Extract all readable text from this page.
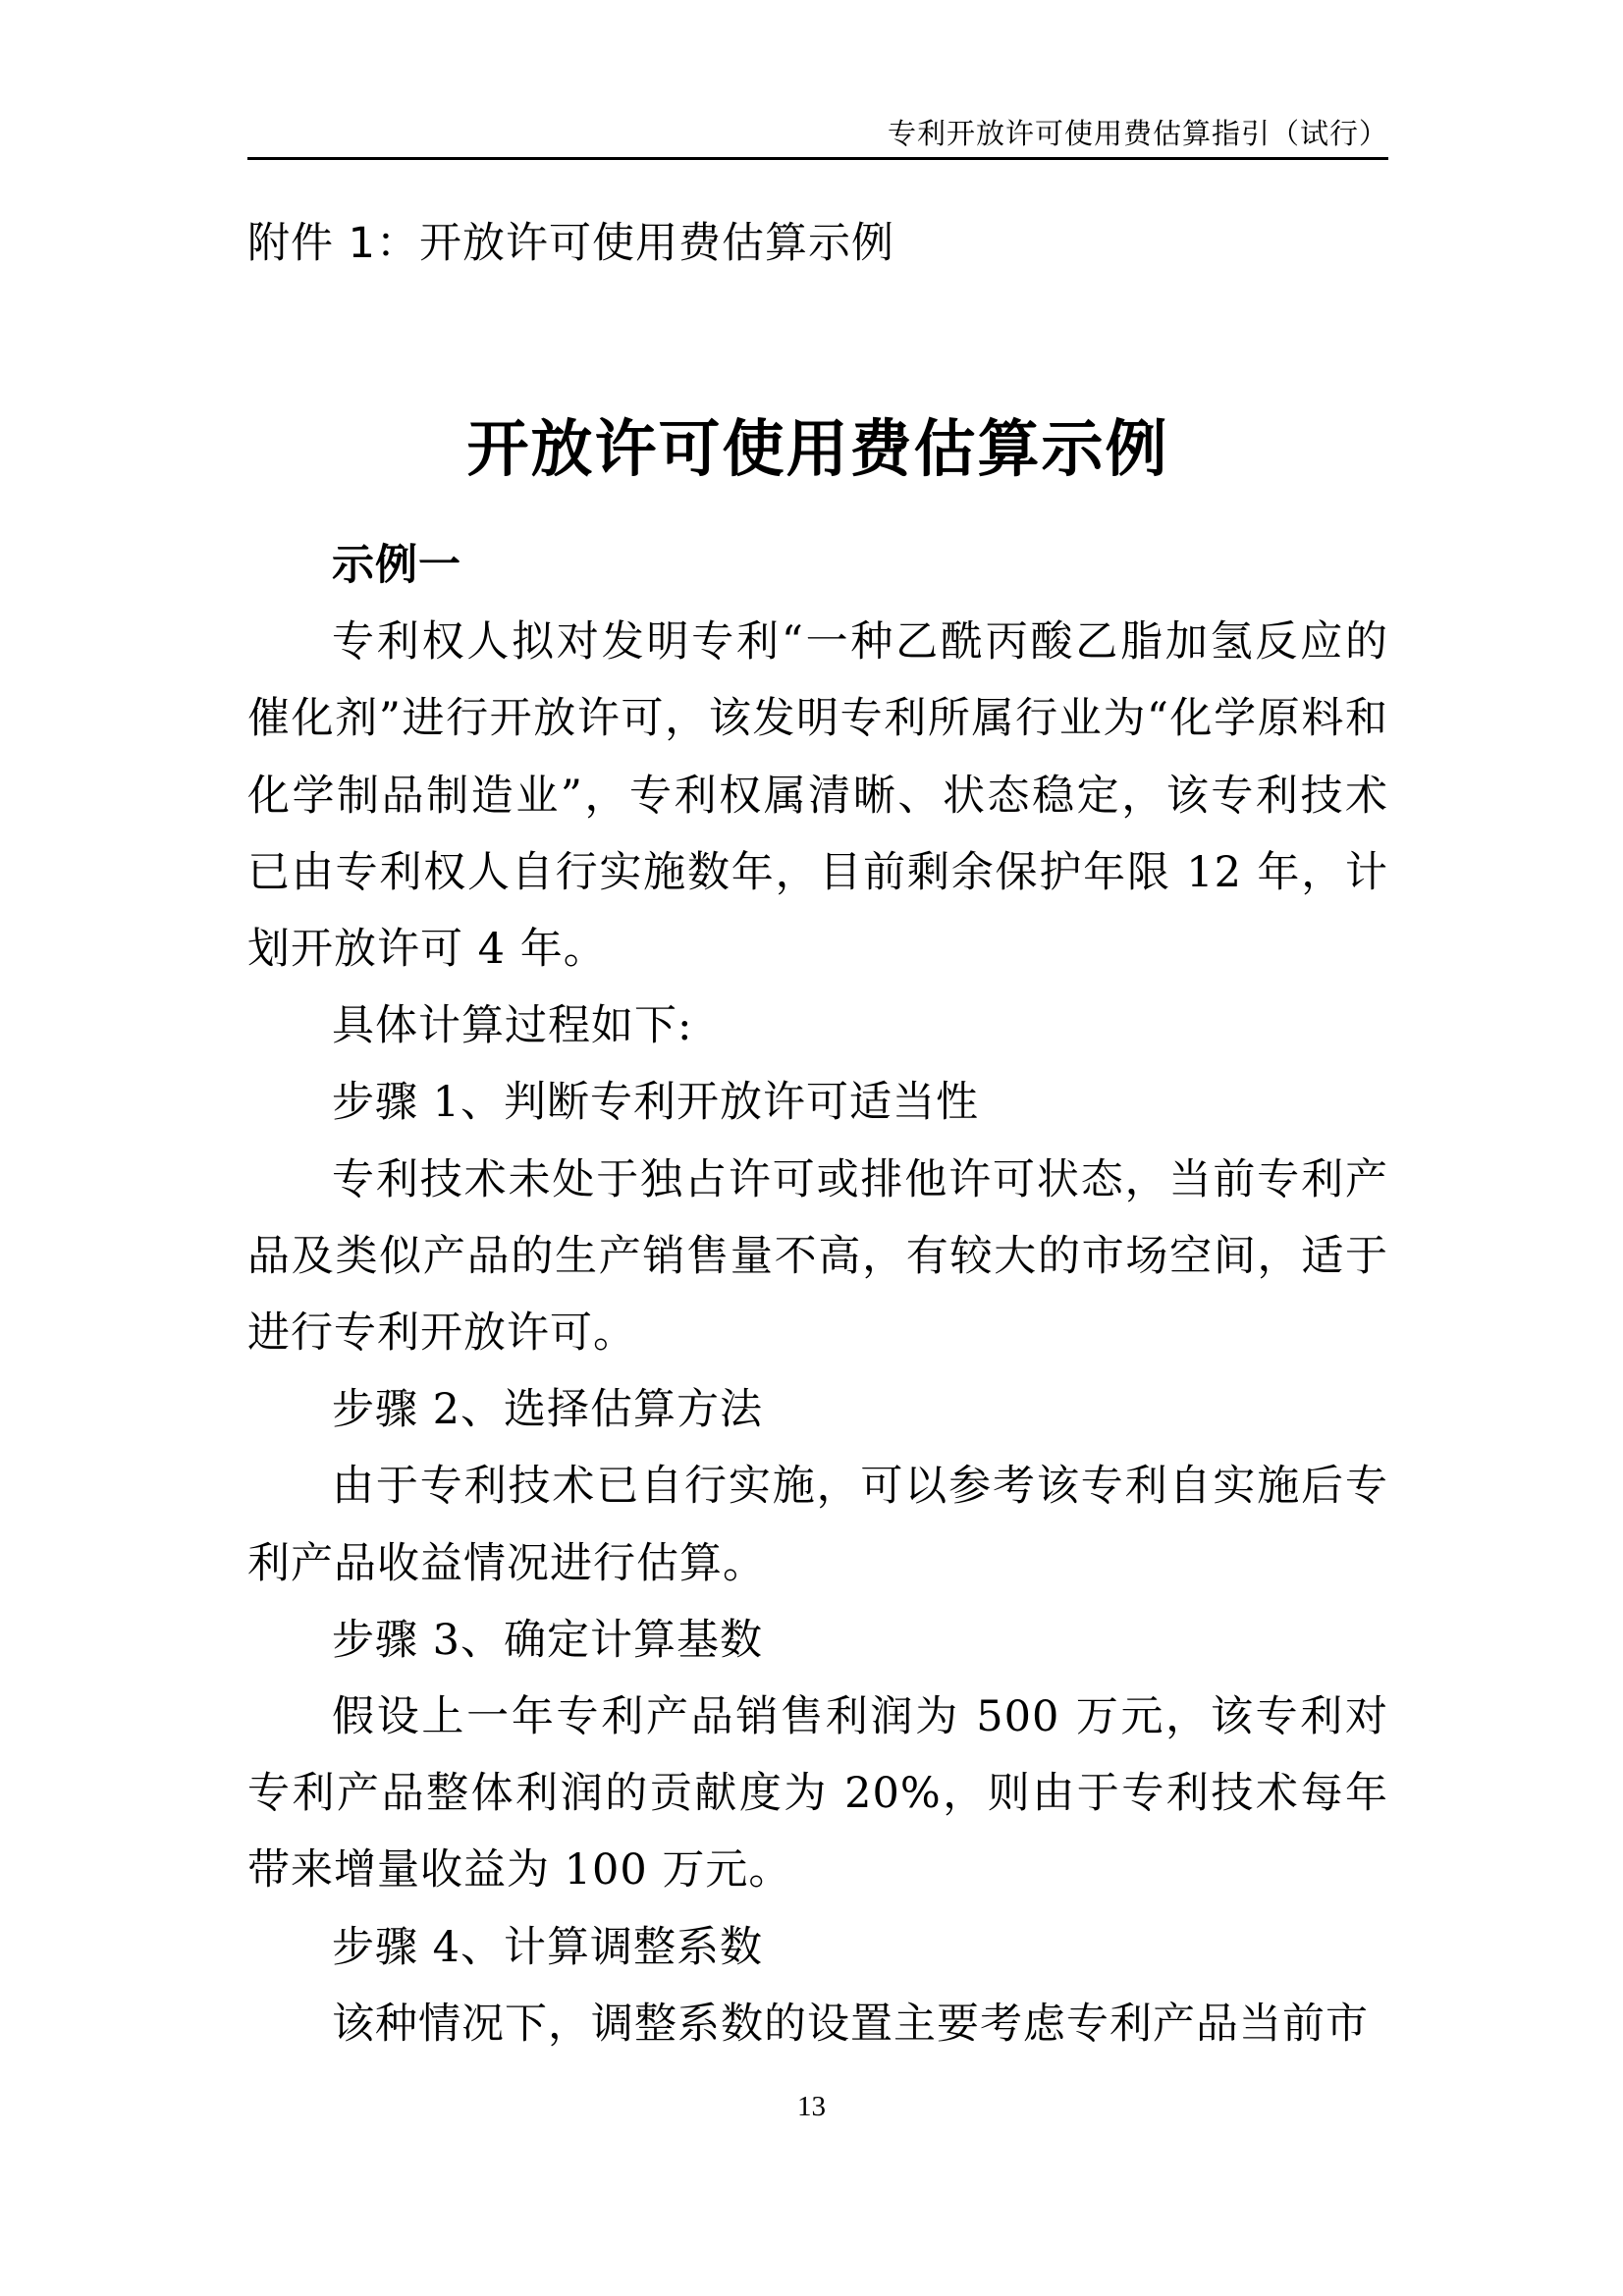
专利开放许可使用费估算指引（试行）
附件 1：开放许可使用费估算示例
开放许可使用费估算示例

示例一

专利权人拟对发明专利“一种乙酰丙酸乙脂加氢反应的催化剂”进行开放许可，该发明专利所属行业为“化学原料和化学制品制造业”，专利权属清晰、状态稳定，该专利技术已由专利权人自行实施数年，目前剩余保护年限 12 年，计划开放许可 4 年。

具体计算过程如下:

步骤 1、判断专利开放许可适当性

专利技术未处于独占许可或排他许可状态，当前专利产品及类似产品的生产销售量不高，有较大的市场空间，适于进行专利开放许可。

步骤 2、选择估算方法

由于专利技术已自行实施，可以参考该专利自实施后专利产品收益情况进行估算。

步骤 3、确定计算基数

假设上一年专利产品销售利润为 500 万元，该专利对专利产品整体利润的贡献度为 20%，则由于专利技术每年带来增量收益为 100 万元。

步骤 4、计算调整系数

该种情况下，调整系数的设置主要考虑专利产品当前市

13
